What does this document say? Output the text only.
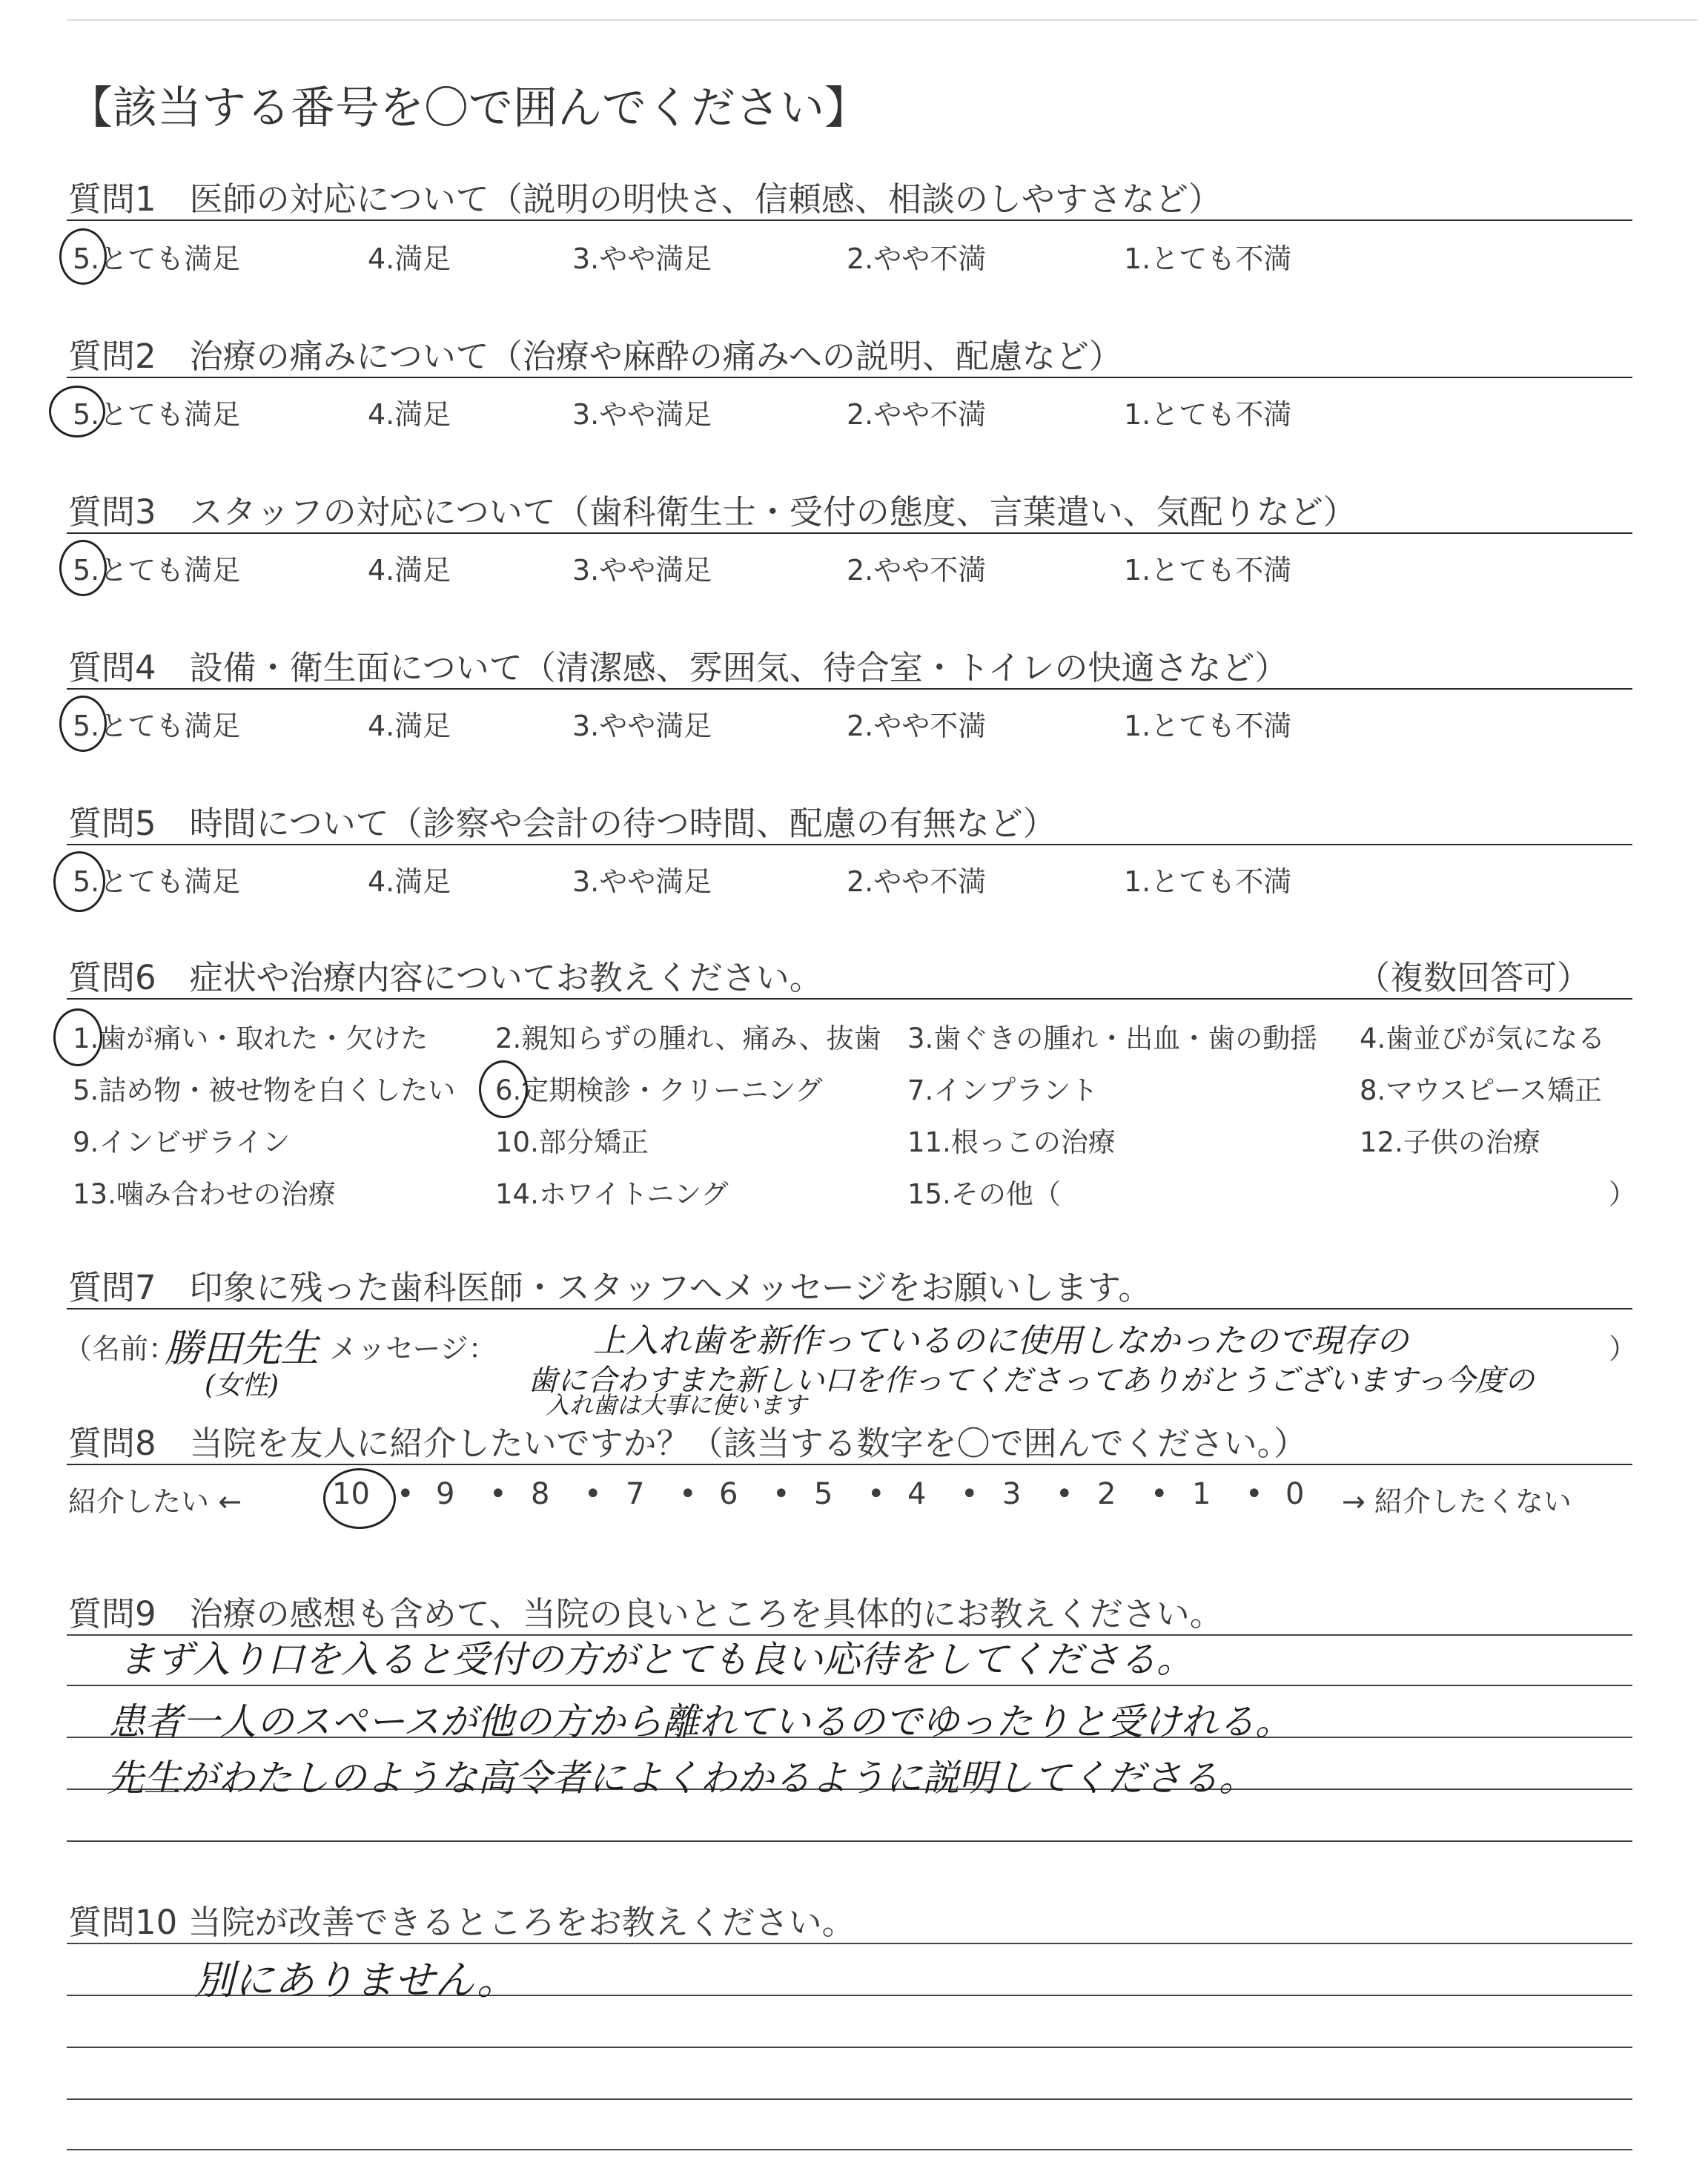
【該当する番号を〇で囲んでください】
質問1　医師の対応について（説明の明快さ、信頼感、相談のしやすさなど）
5.とても満足	4.満足	3.やや満足	2.やや不満	1.とても不満
質問2　治療の痛みについて（治療や麻酔の痛みへの説明、配慮など）
5.とても満足	4.満足	3.やや満足	2.やや不満	1.とても不満
質問3　スタッフの対応について（歯科衛生士・受付の態度、言葉遣い、気配りなど）
5.とても満足	4.満足	3.やや満足	2.やや不満	1.とても不満
質問4　設備・衛生面について（清潔感、雰囲気、待合室・トイレの快適さなど）
5.とても満足	4.満足	3.やや満足	2.やや不満	1.とても不満
質問5　時間について（診察や会計の待つ時間、配慮の有無など）
5.とても満足	4.満足	3.やや満足	2.やや不満	1.とても不満
質問6　症状や治療内容についてお教えください。	（複数回答可）
1.歯が痛い・取れた・欠けた 2.親知らずの腫れ、痛み、抜歯 3.歯ぐきの腫れ・出血・歯の動揺 4.歯並びが気になる
5.詰め物・被せ物を白くしたい 6.定期検診・クリーニング	7.インプラント	8.マウスピース矯正
9.インビザライン	10.部分矯正	11.根っこの治療	12.子供の治療
13.噛み合わせの治療	14.ホワイトニング	15.その他（	）
質問7　印象に残った歯科医師・スタッフへメッセージをお願いします。
（名前：
勝田先生 メッセージ：
(女性)
上入れ歯を新作っているのに使用しなかったので現存の	）
歯に合わすまた新しい口を作ってくださってありがとうございますっ今度の
入れ歯は大事に使います
質問8　当院を友人に紹介したいですか？（該当する数字を〇で囲んでください。）
紹介したい ←	10 • 9 • 8 • 7 • 6 • 5 • 4 • 3 • 2 • 1 • 0 → 紹介したくない
質問9　治療の感想も含めて、当院の良いところを具体的にお教えください。
まず入り口を入ると受付の方がとても良い応待をしてくださる。
患者一人のスペースが他の方から離れているのでゆったりと受けれる。
先生がわたしのような高令者によくわかるように説明してくださる。
質問10 当院が改善できるところをお教えください。
別にありません。
